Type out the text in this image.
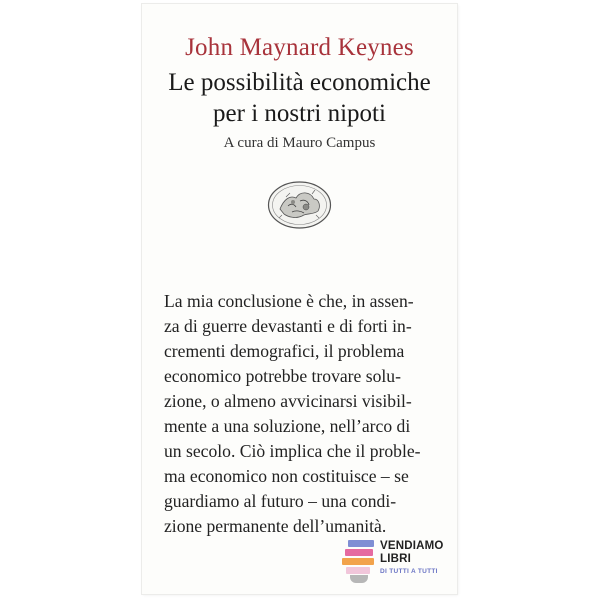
John Maynard Keynes
Le possibilità economiche
per i nostri nipoti
A cura di Mauro Campus
La mia conclusione è che, in assen-
za di guerre devastanti e di forti in-
crementi demografici, il problema
economico potrebbe trovare solu-
zione, o almeno avvicinarsi visibil-
mente a una soluzione, nell’arco di
un secolo. Ciò implica che il proble-
ma economico non costituisce – se
guardiamo al futuro – una condi-
zione permanente dell’umanità.
VENDIAMO
LIBRI
DI TUTTI A TUTTI
